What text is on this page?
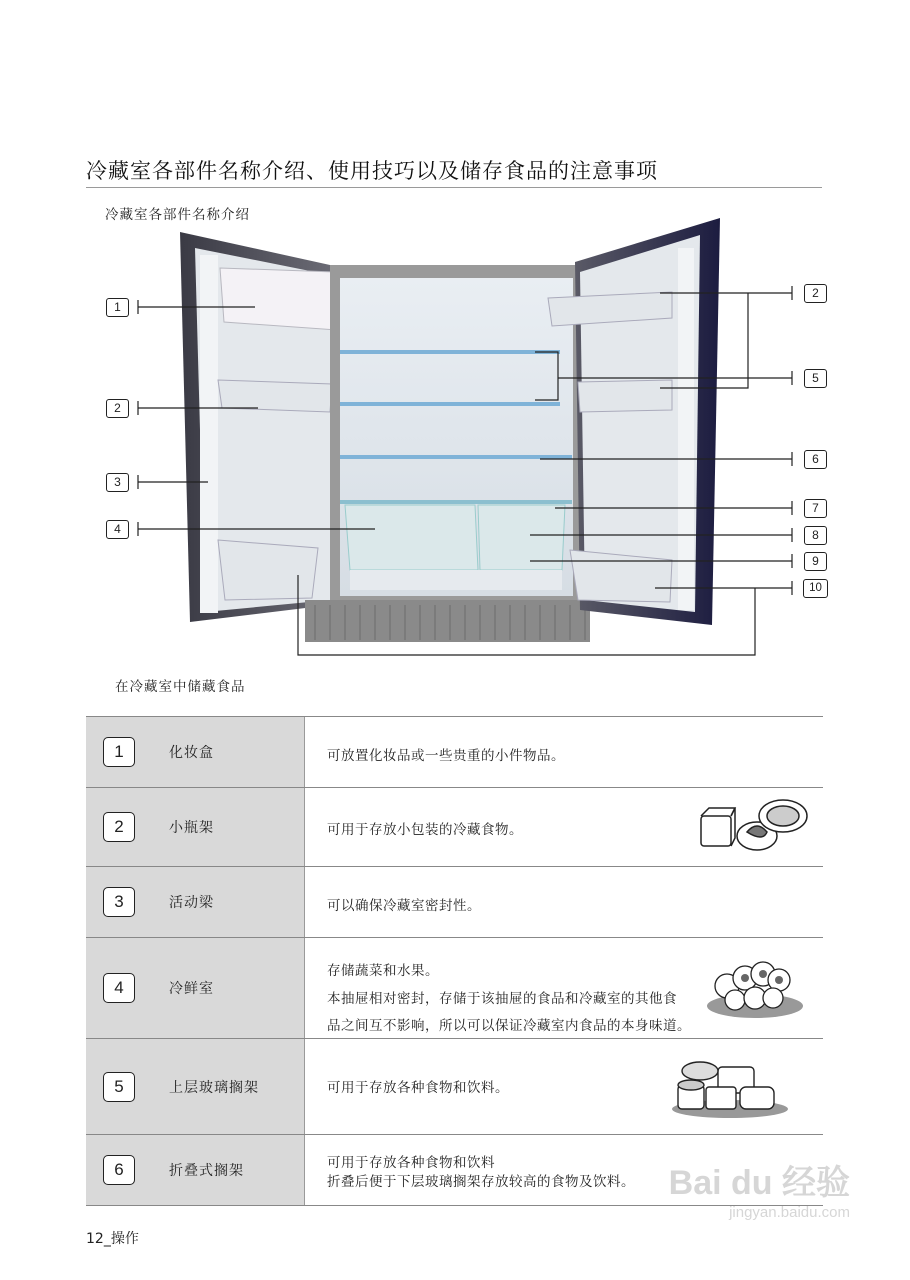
冷藏室各部件名称介绍、使用技巧以及储存食品的注意事项
冷藏室各部件名称介绍
1
2
3
4
2
5
6
7
8
9
10
在冷藏室中储藏食品
1	化妆盒	可放置化妆品或一些贵重的小件物品。
2	小瓶架	可用于存放小包装的冷藏食物。
3	活动梁	可以确保冷藏室密封性。
4	冷鲜室
存储蔬菜和水果。
本抽屉相对密封，存储于该抽屉的食品和冷藏室的其他食
品之间互不影响，所以可以保证冷藏室内食品的本身味道。
5	上层玻璃搁架	可用于存放各种食物和饮料。
6	折叠式搁架	可用于存放各种食物和饮料
折叠后便于下层玻璃搁架存放较高的食物及饮料。
12_操作
Bai du 经验
jingyan.baidu.com
